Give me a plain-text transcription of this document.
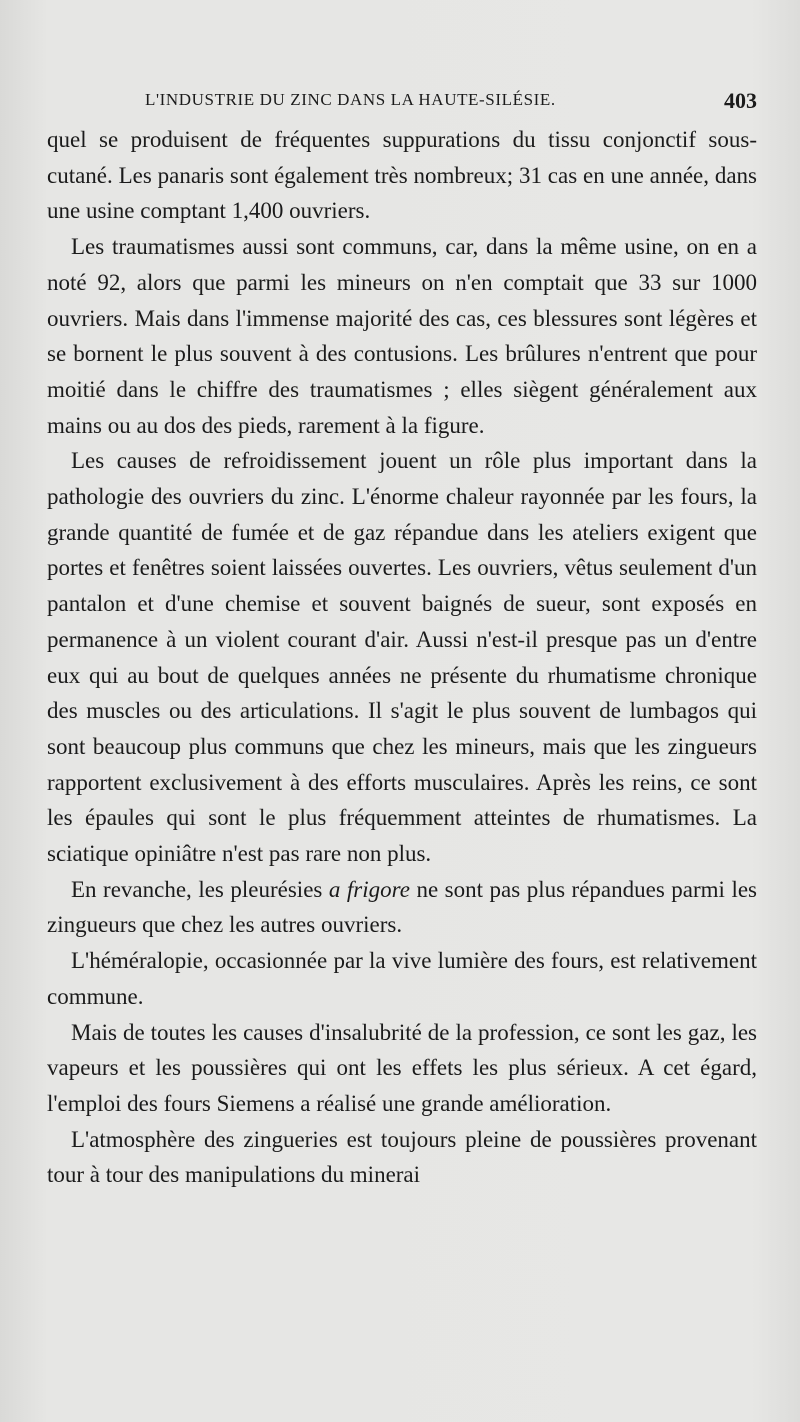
L'INDUSTRIE DU ZINC DANS LA HAUTE-SILÉSIE.	403

quel se produisent de fréquentes suppurations du tissu conjonctif sous-cutané. Les panaris sont également très nombreux; 31 cas en une année, dans une usine comptant 1,400 ouvriers.

Les traumatismes aussi sont communs, car, dans la même usine, on en a noté 92, alors que parmi les mineurs on n'en comptait que 33 sur 1000 ouvriers. Mais dans l'immense majorité des cas, ces blessures sont légères et se bornent le plus souvent à des contusions. Les brûlures n'entrent que pour moitié dans le chiffre des traumatismes ; elles siègent généralement aux mains ou au dos des pieds, rarement à la figure.

Les causes de refroidissement jouent un rôle plus important dans la pathologie des ouvriers du zinc. L'énorme chaleur rayonnée par les fours, la grande quantité de fumée et de gaz répandue dans les ateliers exigent que portes et fenêtres soient laissées ouvertes. Les ouvriers, vêtus seulement d'un pantalon et d'une chemise et souvent baignés de sueur, sont exposés en permanence à un violent courant d'air. Aussi n'est-il presque pas un d'entre eux qui au bout de quelques années ne présente du rhumatisme chronique des muscles ou des articulations. Il s'agit le plus souvent de lumbagos qui sont beaucoup plus communs que chez les mineurs, mais que les zingueurs rapportent exclusivement à des efforts musculaires. Après les reins, ce sont les épaules qui sont le plus fréquemment atteintes de rhumatismes. La sciatique opiniâtre n'est pas rare non plus.

En revanche, les pleurésies a frigore ne sont pas plus répandues parmi les zingueurs que chez les autres ouvriers.

L'héméralopie, occasionnée par la vive lumière des fours, est relativement commune.

Mais de toutes les causes d'insalubrité de la profession, ce sont les gaz, les vapeurs et les poussières qui ont les effets les plus sérieux. A cet égard, l'emploi des fours Siemens a réalisé une grande amélioration.

L'atmosphère des zingueries est toujours pleine de poussières provenant tour à tour des manipulations du minerai
